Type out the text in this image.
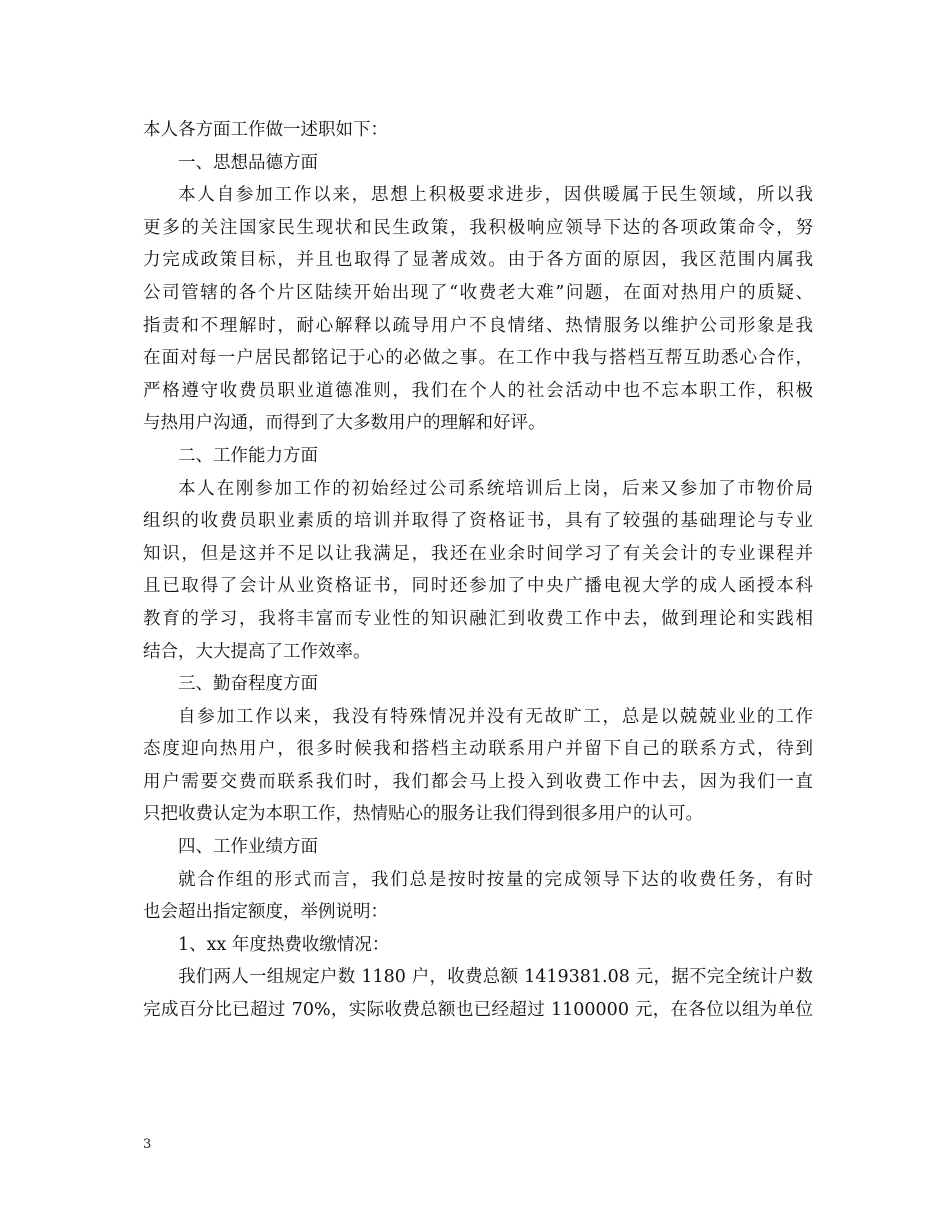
本人各方面工作做一述职如下：
一、思想品德方面
本人自参加工作以来，思想上积极要求进步，因供暖属于民生领域，所以我
更多的关注国家民生现状和民生政策，我积极响应领导下达的各项政策命令，努
力完成政策目标，并且也取得了显著成效。由于各方面的原因，我区范围内属我
公司管辖的各个片区陆续开始出现了“收费老大难”问题，在面对热用户的质疑、
指责和不理解时，耐心解释以疏导用户不良情绪、热情服务以维护公司形象是我
在面对每一户居民都铭记于心的必做之事。在工作中我与搭档互帮互助悉心合作，
严格遵守收费员职业道德准则，我们在个人的社会活动中也不忘本职工作，积极
与热用户沟通，而得到了大多数用户的理解和好评。
二、工作能力方面
本人在刚参加工作的初始经过公司系统培训后上岗，后来又参加了市物价局
组织的收费员职业素质的培训并取得了资格证书，具有了较强的基础理论与专业
知识，但是这并不足以让我满足，我还在业余时间学习了有关会计的专业课程并
且已取得了会计从业资格证书，同时还参加了中央广播电视大学的成人函授本科
教育的学习，我将丰富而专业性的知识融汇到收费工作中去，做到理论和实践相
结合，大大提高了工作效率。
三、勤奋程度方面
自参加工作以来，我没有特殊情况并没有无故旷工，总是以兢兢业业的工作
态度迎向热用户，很多时候我和搭档主动联系用户并留下自己的联系方式，待到
用户需要交费而联系我们时，我们都会马上投入到收费工作中去，因为我们一直
只把收费认定为本职工作，热情贴心的服务让我们得到很多用户的认可。
四、工作业绩方面
就合作组的形式而言，我们总是按时按量的完成领导下达的收费任务，有时
也会超出指定额度，举例说明：
1、xx 年度热费收缴情况：
我们两人一组规定户数 1180 户，收费总额 1419381.08 元，据不完全统计户数
完成百分比已超过 70%，实际收费总额也已经超过 1100000 元，在各位以组为单位
3
